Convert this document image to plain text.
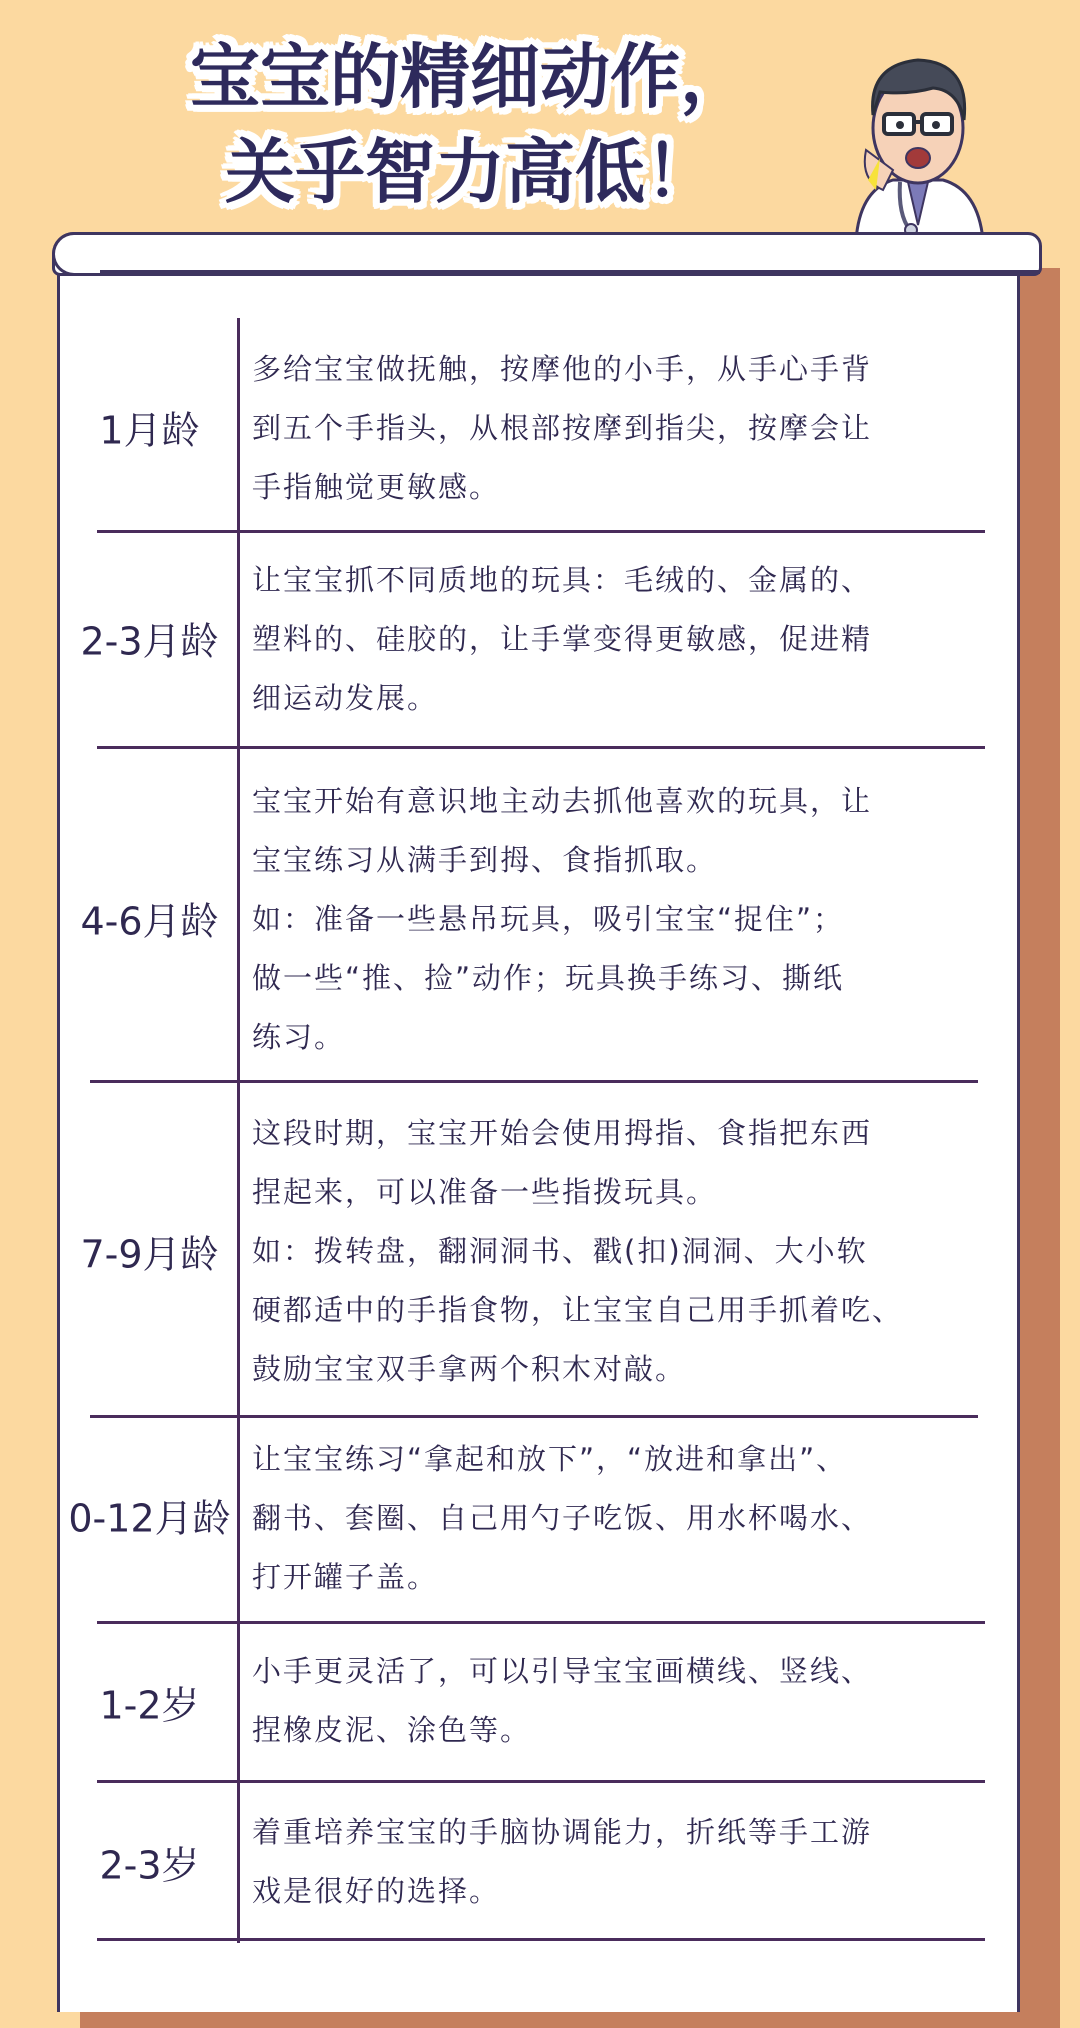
宝宝的精细动作，
关乎智力高低！
1月龄
多给宝宝做抚触，按摩他的小手，从手心手背
到五个手指头，从根部按摩到指尖，按摩会让
手指触觉更敏感。
2-3月龄
让宝宝抓不同质地的玩具：毛绒的、金属的、
塑料的、硅胶的，让手掌变得更敏感，促进精
细运动发展。
4-6月龄
宝宝开始有意识地主动去抓他喜欢的玩具，让
宝宝练习从满手到拇、食指抓取。
如：准备一些悬吊玩具，吸引宝宝“捉住”；
做一些“推、捡”动作；玩具换手练习、撕纸
练习。
7-9月龄
这段时期，宝宝开始会使用拇指、食指把东西
捏起来，可以准备一些指拨玩具。
如：拨转盘，翻洞洞书、戳(扣)洞洞、大小软
硬都适中的手指食物，让宝宝自己用手抓着吃、
鼓励宝宝双手拿两个积木对敲。
0-12月龄
让宝宝练习“拿起和放下”，“放进和拿出”、
翻书、套圈、自己用勺子吃饭、用水杯喝水、
打开罐子盖。
1-2岁
小手更灵活了，可以引导宝宝画横线、竖线、
捏橡皮泥、涂色等。
2-3岁
着重培养宝宝的手脑协调能力，折纸等手工游
戏是很好的选择。
